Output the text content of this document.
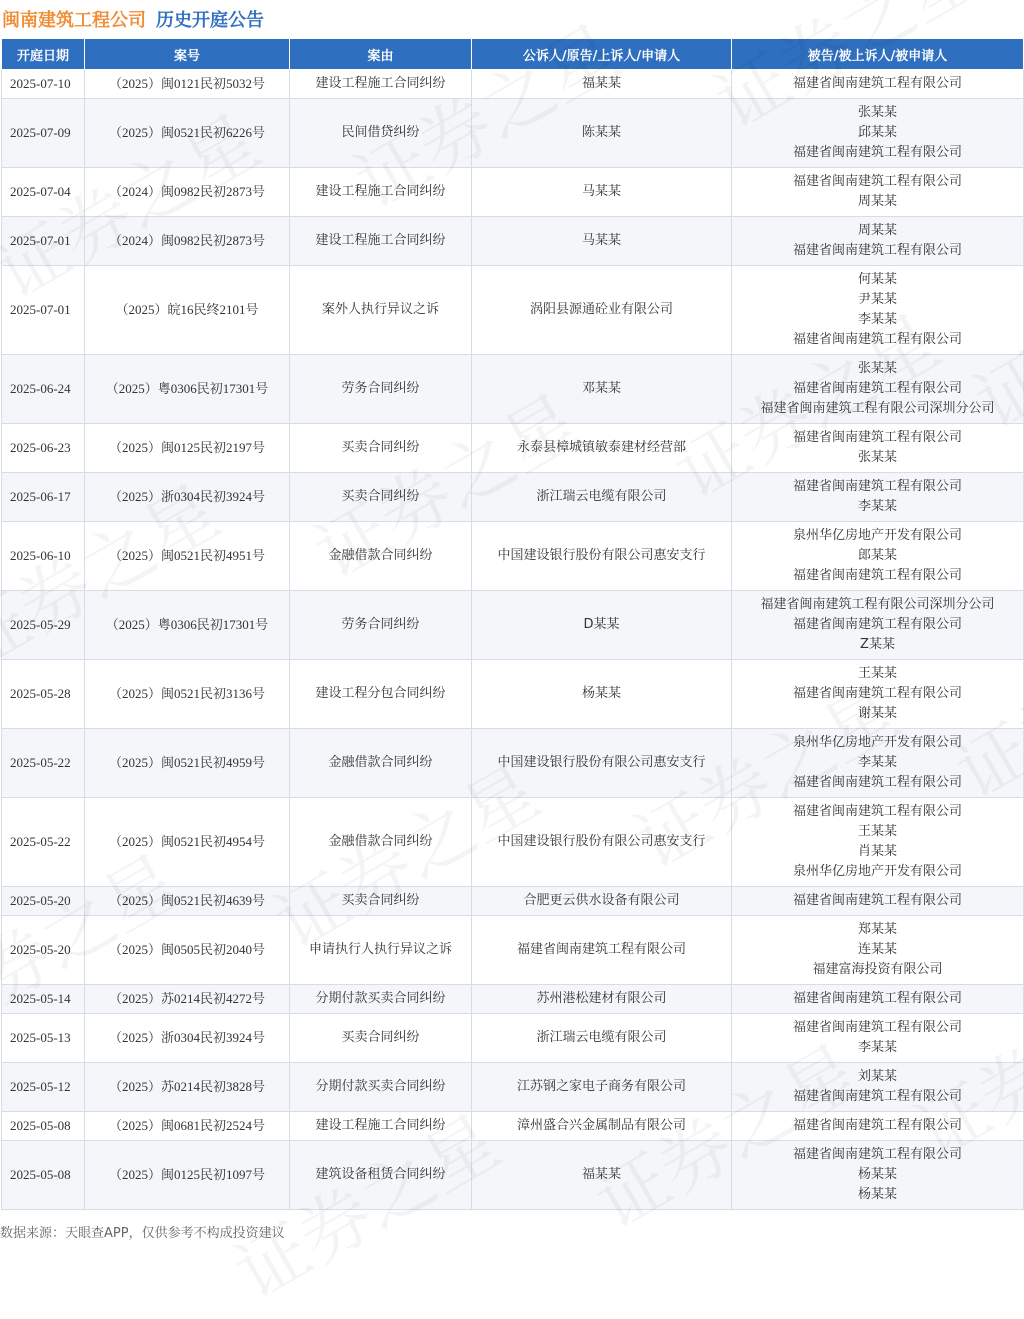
闽南建筑工程公司 历史开庭公告
开庭日期	案号	案由	公诉人/原告/上诉人/申请人	被告/被上诉人/被申请人
2025-07-10	（2025）闽0121民初5032号	建设工程施工合同纠纷	福某某	福建省闽南建筑工程有限公司

2025-07-09	（2025）闽0521民初6226号	民间借贷纠纷	陈某某	张某某
邱某某
福建省闽南建筑工程有限公司

2025-07-04	（2024）闽0982民初2873号	建设工程施工合同纠纷	马某某	福建省闽南建筑工程有限公司
周某某

2025-07-01	（2024）闽0982民初2873号	建设工程施工合同纠纷	马某某	周某某
福建省闽南建筑工程有限公司

2025-07-01	（2025）皖16民终2101号	案外人执行异议之诉	涡阳县源通砼业有限公司	何某某
尹某某
李某某
福建省闽南建筑工程有限公司

2025-06-24	（2025）粤0306民初17301号	劳务合同纠纷	邓某某	张某某
福建省闽南建筑工程有限公司
福建省闽南建筑工程有限公司深圳分公司

2025-06-23	（2025）闽0125民初2197号	买卖合同纠纷	永泰县樟城镇敏泰建材经营部	福建省闽南建筑工程有限公司
张某某

2025-06-17	（2025）浙0304民初3924号	买卖合同纠纷	浙江瑞云电缆有限公司	福建省闽南建筑工程有限公司
李某某

2025-06-10	（2025）闽0521民初4951号	金融借款合同纠纷	中国建设银行股份有限公司惠安支行	泉州华亿房地产开发有限公司
郎某某
福建省闽南建筑工程有限公司

2025-05-29	（2025）粤0306民初17301号	劳务合同纠纷	D某某	福建省闽南建筑工程有限公司深圳分公司
福建省闽南建筑工程有限公司
Z某某

2025-05-28	（2025）闽0521民初3136号	建设工程分包合同纠纷	杨某某	王某某
福建省闽南建筑工程有限公司
谢某某

2025-05-22	（2025）闽0521民初4959号	金融借款合同纠纷	中国建设银行股份有限公司惠安支行	泉州华亿房地产开发有限公司
李某某
福建省闽南建筑工程有限公司

2025-05-22	（2025）闽0521民初4954号	金融借款合同纠纷	中国建设银行股份有限公司惠安支行	福建省闽南建筑工程有限公司
王某某
肖某某
泉州华亿房地产开发有限公司

2025-05-20	（2025）闽0521民初4639号	买卖合同纠纷	合肥更云供水设备有限公司	福建省闽南建筑工程有限公司

2025-05-20	（2025）闽0505民初2040号	申请执行人执行异议之诉	福建省闽南建筑工程有限公司	郑某某
连某某
福建富海投资有限公司

2025-05-14	（2025）苏0214民初4272号	分期付款买卖合同纠纷	苏州港松建材有限公司	福建省闽南建筑工程有限公司

2025-05-13	（2025）浙0304民初3924号	买卖合同纠纷	浙江瑞云电缆有限公司	福建省闽南建筑工程有限公司
李某某

2025-05-12	（2025）苏0214民初3828号	分期付款买卖合同纠纷	江苏钢之家电子商务有限公司	刘某某
福建省闽南建筑工程有限公司

2025-05-08	（2025）闽0681民初2524号	建设工程施工合同纠纷	漳州盛合兴金属制品有限公司	福建省闽南建筑工程有限公司

2025-05-08	（2025）闽0125民初1097号	建筑设备租赁合同纠纷	福某某	福建省闽南建筑工程有限公司
杨某某
杨某某
数据来源：天眼查APP，仅供参考不构成投资建议
